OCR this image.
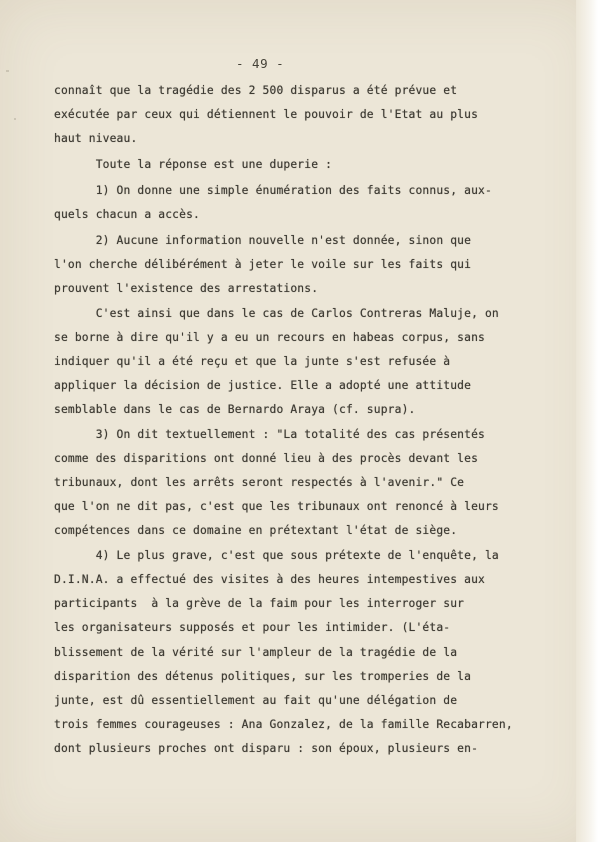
- 49 -
connaît que la tragédie des 2 500 disparus a été prévue et
exécutée par ceux qui détiennent le pouvoir de l'Etat au plus
haut niveau.
Toute la réponse est une duperie :
1) On donne une simple énumération des faits connus, aux-
quels chacun a accès.
2) Aucune information nouvelle n'est donnée, sinon que
l'on cherche délibérément à jeter le voile sur les faits qui
prouvent l'existence des arrestations.
C'est ainsi que dans le cas de Carlos Contreras Maluje, on
se borne à dire qu'il y a eu un recours en habeas corpus, sans
indiquer qu'il a été reçu et que la junte s'est refusée à
appliquer la décision de justice. Elle a adopté une attitude
semblable dans le cas de Bernardo Araya (cf. supra).
3) On dit textuellement : "La totalité des cas présentés
comme des disparitions ont donné lieu à des procès devant les
tribunaux, dont les arrêts seront respectés à l'avenir." Ce
que l'on ne dit pas, c'est que les tribunaux ont renoncé à leurs
compétences dans ce domaine en prétextant l'état de siège.
4) Le plus grave, c'est que sous prétexte de l'enquête, la
D.I.N.A. a effectué des visites à des heures intempestives aux
participants  à la grève de la faim pour les interroger sur
les organisateurs supposés et pour les intimider. (L'éta-
blissement de la vérité sur l'ampleur de la tragédie de la
disparition des détenus politiques, sur les tromperies de la
junte, est dû essentiellement au fait qu'une délégation de
trois femmes courageuses : Ana Gonzalez, de la famille Recabarren,
dont plusieurs proches ont disparu : son époux, plusieurs en-
